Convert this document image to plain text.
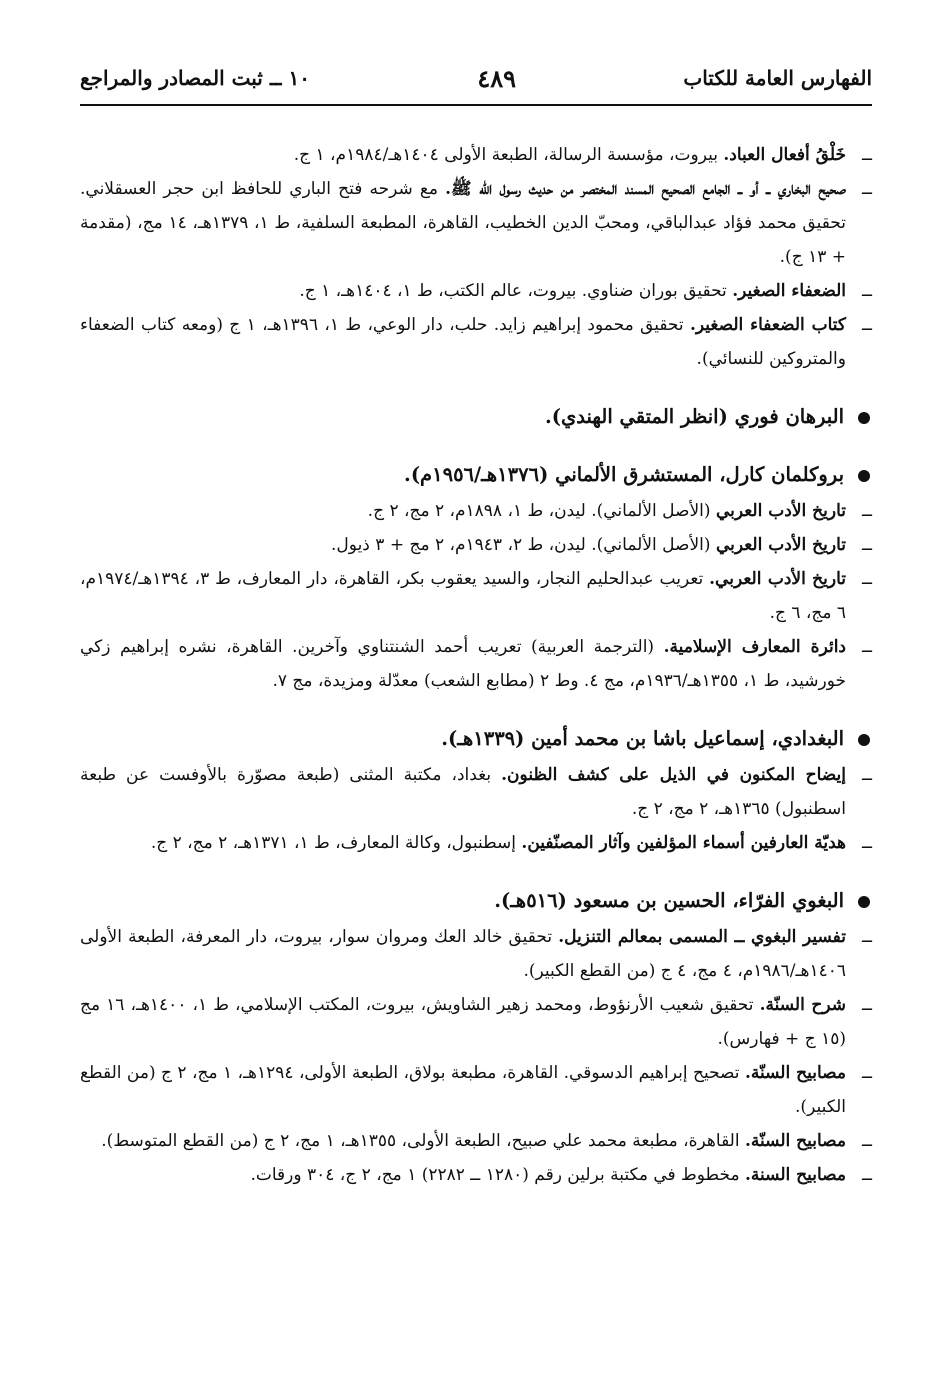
الفهارس العامة للكتاب
٤٨٩
١٠ ــ ثبت المصادر والمراجع

ــ
خَلْقُ أفعال العباد. بيروت، مؤسسة الرسالة، الطبعة الأولى ١٤٠٤هـ/١٩٨٤م، ١ ج.

ــ
صحيح البخاري ــ أو ــ الجامع الصحيح المسند المختصر من حديث رسول الله ﷺ. مع شرحه فتح الباري للحافظ ابن حجر العسقلاني. تحقيق محمد فؤاد عبدالباقي، ومحبّ الدين الخطيب، القاهرة، المطبعة السلفية، ط ١، ١٣٧٩هـ، ١٤ مج، (مقدمة + ١٣ ج).

ــ
الضعفاء الصغير. تحقيق بوران ضناوي. بيروت، عالم الكتب، ط ١، ١٤٠٤هـ، ١ ج.

ــ
كتاب الضعفاء الصغير. تحقيق محمود إبراهيم زايد. حلب، دار الوعي، ط ١، ١٣٩٦هـ، ١ ج (ومعه كتاب الضعفاء والمتروكين للنسائي).

البرهان فوري (انظر المتقي الهندي).

بروكلمان كارل، المستشرق الألماني (١٣٧٦هـ/١٩٥٦م).

ــ
تاريخ الأدب العربي (الأصل الألماني). ليدن، ط ١، ١٨٩٨م، ٢ مج، ٢ ج.

ــ
تاريخ الأدب العربي (الأصل الألماني). ليدن، ط ٢، ١٩٤٣م، ٢ مج + ٣ ذيول.

ــ
تاريخ الأدب العربي. تعريب عبدالحليم النجار، والسيد يعقوب بكر، القاهرة، دار المعارف، ط ٣، ١٣٩٤هـ/١٩٧٤م، ٦ مج، ٦ ج.

ــ
دائرة المعارف الإسلامية. (الترجمة العربية) تعريب أحمد الشنتناوي وآخرين. القاهرة، نشره إبراهيم زكي خورشيد، ط ١، ١٣٥٥هـ/١٩٣٦م، مج ٤. وط ٢ (مطابع الشعب) معدّلة ومزيدة، مج ٧.

البغدادي، إسماعيل باشا بن محمد أمين (١٣٣٩هـ).

ــ
إيضاح المكنون في الذيل على كشف الظنون. بغداد، مكتبة المثنى (طبعة مصوّرة بالأوفست عن طبعة اسطنبول) ١٣٦٥هـ، ٢ مج، ٢ ج.

ــ
هديّة العارفين أسماء المؤلفين وآثار المصنّفين. إسطنبول، وكالة المعارف، ط ١، ١٣٧١هـ، ٢ مج، ٢ ج.

البغوي الفرّاء، الحسين بن مسعود (٥١٦هـ).

ــ
تفسير البغوي ــ المسمى بمعالم التنزيل. تحقيق خالد العك ومروان سوار، بيروت، دار المعرفة، الطبعة الأولى ١٤٠٦هـ/١٩٨٦م، ٤ مج، ٤ ج (من القطع الكبير).

ــ
شرح السنّة. تحقيق شعيب الأرنؤوط، ومحمد زهير الشاويش، بيروت، المكتب الإسلامي، ط ١، ١٤٠٠هـ، ١٦ مج (١٥ ج + فهارس).

ــ
مصابيح السنّة. تصحيح إبراهيم الدسوقي. القاهرة، مطبعة بولاق، الطبعة الأولى، ١٢٩٤هـ، ١ مج، ٢ ج (من القطع الكبير).

ــ
مصابيح السنّة. القاهرة، مطبعة محمد علي صبيح، الطبعة الأولى، ١٣٥٥هـ، ١ مج، ٢ ج (من القطع المتوسط).

ــ
مصابيح السنة. مخطوط في مكتبة برلين رقم (١٢٨٠ ــ ٢٢٨٢) ١ مج، ٢ ج، ٣٠٤ ورقات.
